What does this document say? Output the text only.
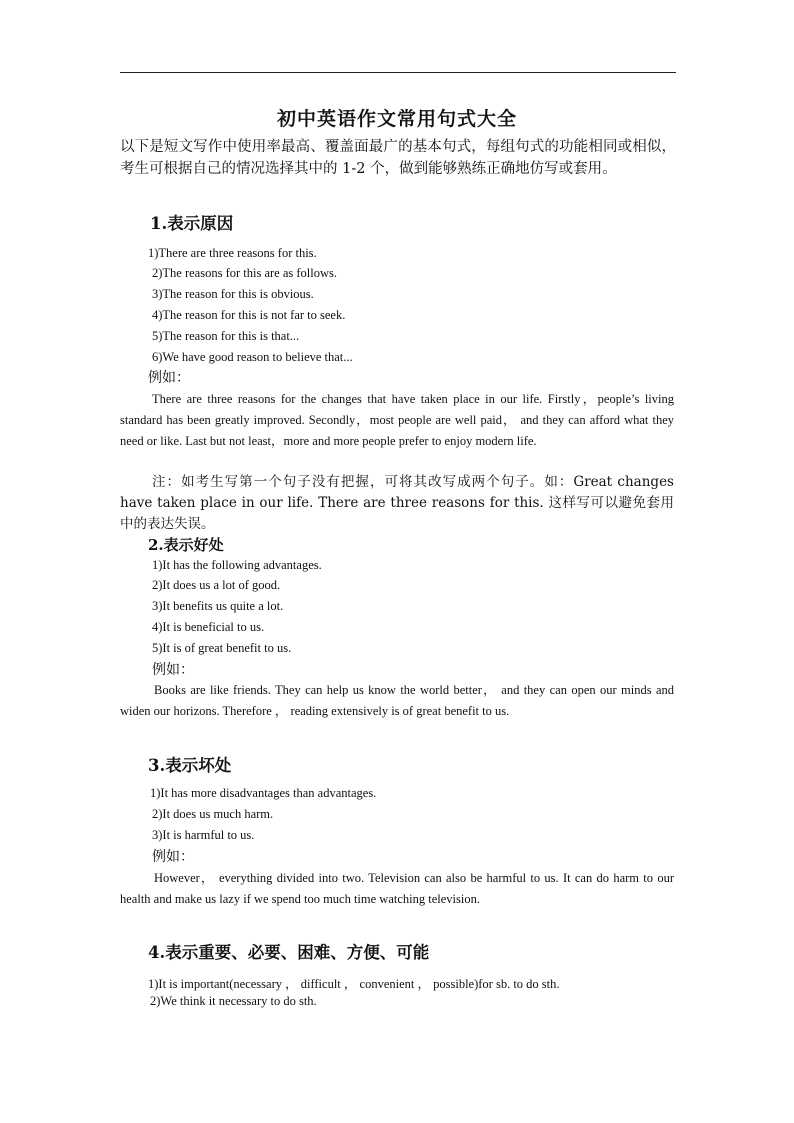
初中英语作文常用句式大全
以下是短文写作中使用率最高、覆盖面最广的基本句式，每组句式的功能相同或相似，考生可根据自己的情况选择其中的 1-2 个，做到能够熟练正确地仿写或套用。
1.表示原因
1)There are three reasons for this.
2)The reasons for this are as follows.
3)The reason for this is obvious.
4)The reason for this is not far to seek.
5)The reason for this is that...
6)We have good reason to believe that...
例如：
There are three reasons for the changes that have taken place in our life. Firstly，people’s living standard has been greatly improved. Secondly，most people are well paid， and they can afford what they need or like. Last but not least，more and more people prefer to enjoy modern life.
注：如考生写第一个句子没有把握，可将其改写成两个句子。如：Great changes have taken place in our life. There are three reasons for this. 这样写可以避免套用中的表达失误。
2.表示好处
1)It has the following advantages.
2)It does us a lot of good.
3)It benefits us quite a lot.
4)It is beneficial to us.
5)It is of great benefit to us.
例如：
Books are like friends. They can help us know the world better， and they can open our minds and widen our horizons. Therefore ， reading extensively is of great benefit to us.
3.表示坏处
1)It has more disadvantages than advantages.
2)It does us much harm.
3)It is harmful to us.
例如：
However， everything divided into two. Television can also be harmful to us. It can do harm to our health and make us lazy if we spend too much time watching television.
4.表示重要、必要、困难、方便、可能
1)It is important(necessary ， difficult ， convenient ， possible)for sb. to do sth.
2)We think it necessary to do sth.
